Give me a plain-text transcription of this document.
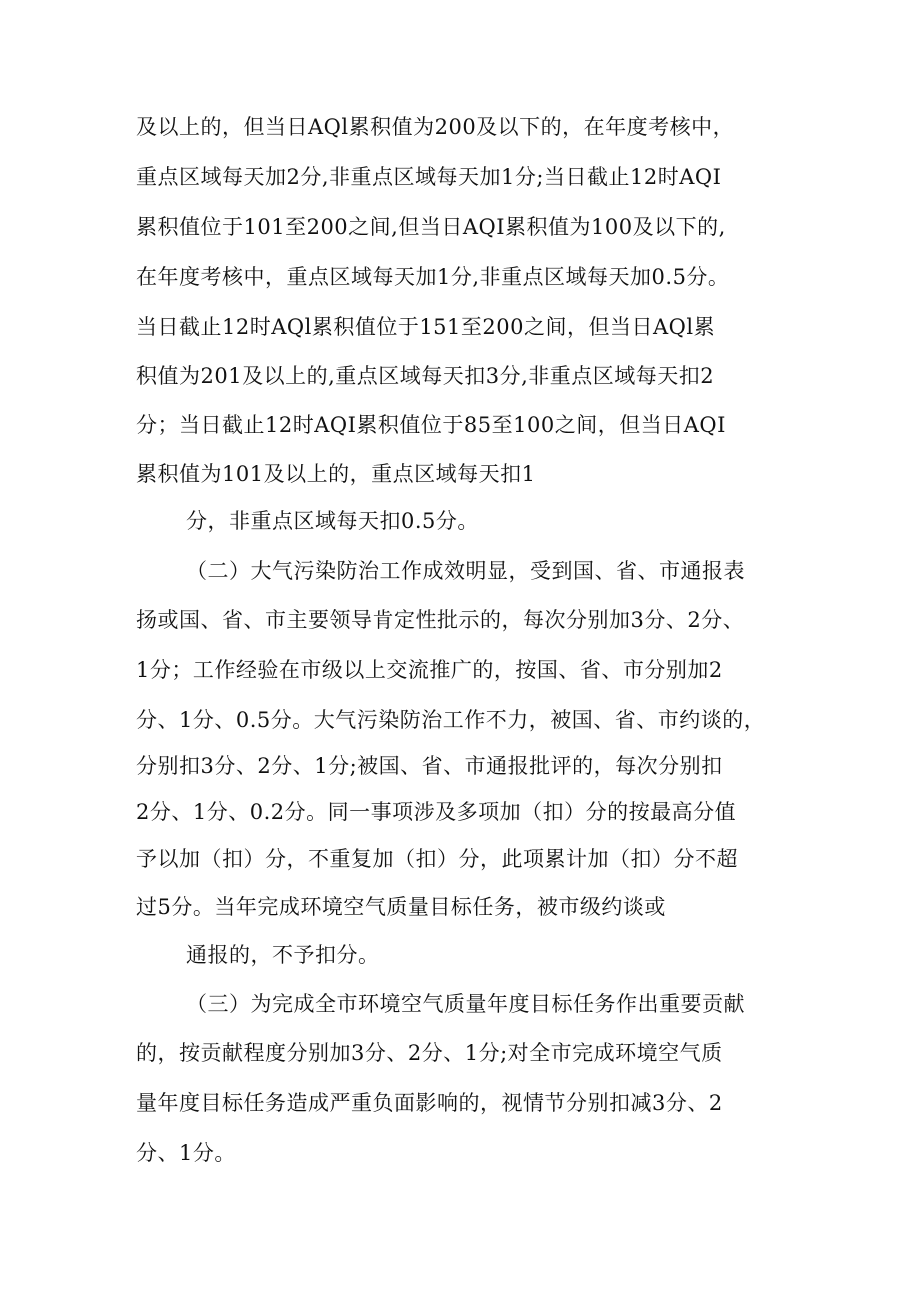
及以上的，但当日AQl累积值为200及以下的，在年度考核中，
重点区域每天加2分,非重点区域每天加1分;当日截止12时AQI
累积值位于101至200之间,但当日AQI累积值为100及以下的,
在年度考核中，重点区域每天加1分,非重点区域每天加0.5分。
当日截止12时AQl累积值位于151至200之间，但当日AQl累
积值为201及以上的,重点区域每天扣3分,非重点区域每天扣2
分；当日截止12时AQI累积值位于85至100之间，但当日AQI
累积值为101及以上的，重点区域每天扣1
分，非重点区域每天扣0.5分。
（二）大气污染防治工作成效明显，受到国、省、市通报表
扬或国、省、市主要领导肯定性批示的，每次分别加3分、2分、
1分；工作经验在市级以上交流推广的，按国、省、市分别加2
分、1分、0.5分。大气污染防治工作不力，被国、省、市约谈的，
分别扣3分、2分、1分;被国、省、市通报批评的，每次分别扣
2分、1分、0.2分。同一事项涉及多项加（扣）分的按最高分值
予以加（扣）分，不重复加（扣）分，此项累计加（扣）分不超
过5分。当年完成环境空气质量目标任务，被市级约谈或
通报的，不予扣分。
（三）为完成全市环境空气质量年度目标任务作出重要贡献
的，按贡献程度分别加3分、2分、1分;对全市完成环境空气质
量年度目标任务造成严重负面影响的，视情节分别扣减3分、2
分、1分。
